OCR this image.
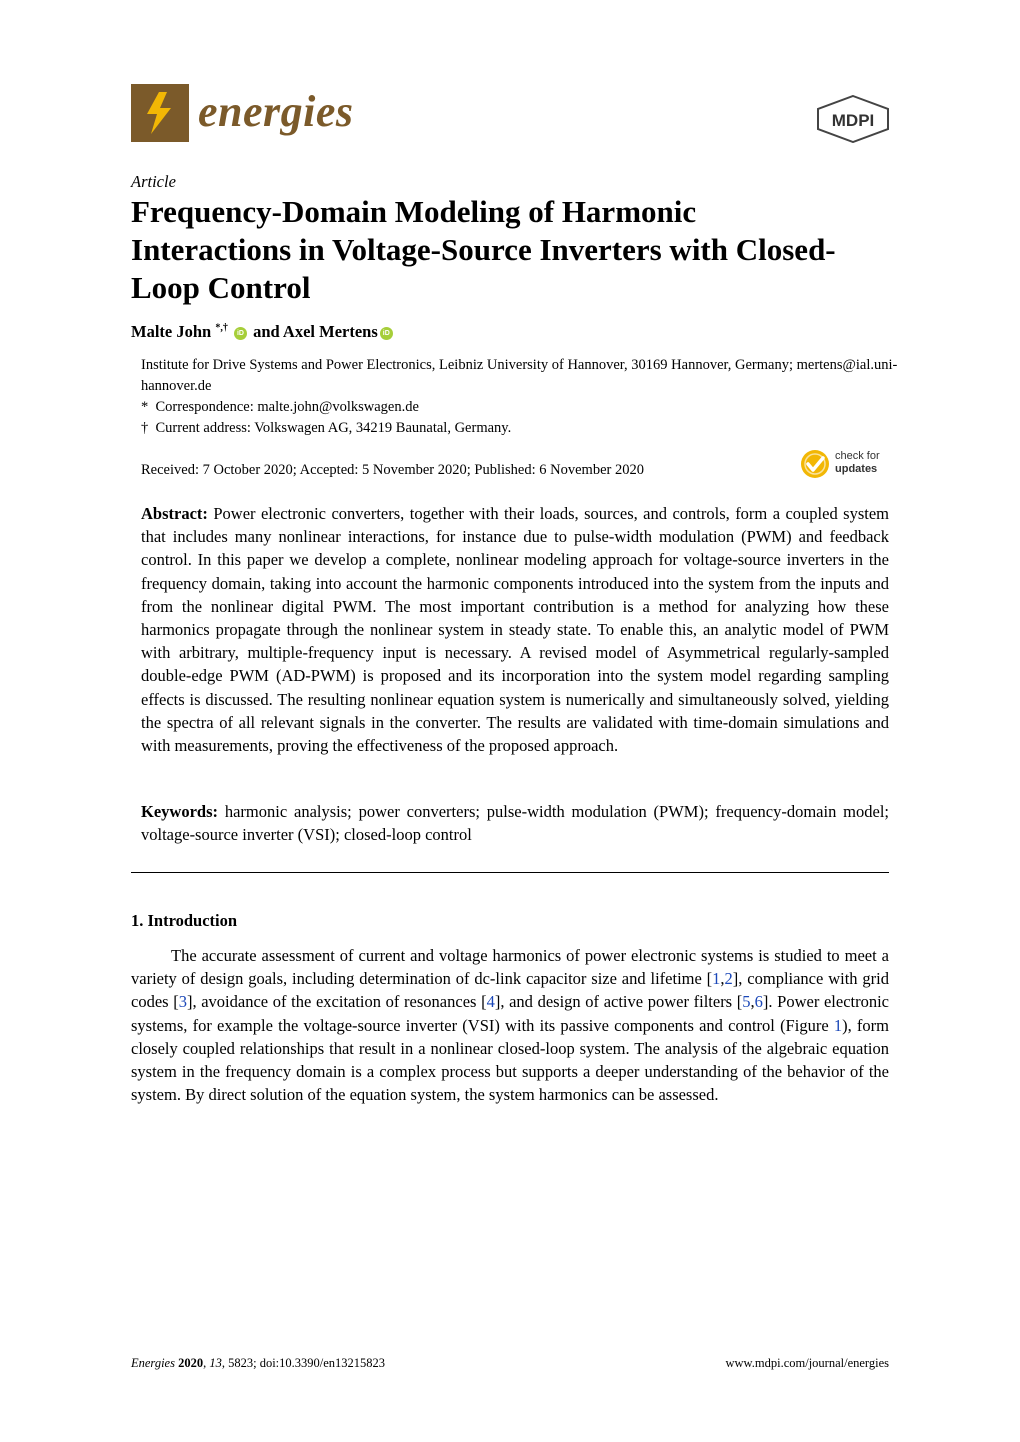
energies	MDPI
Article
Frequency-Domain Modeling of Harmonic Interactions in Voltage-Source Inverters with Closed-Loop Control
Malte John *,† iD and Axel Mertens iD
Institute for Drive Systems and Power Electronics, Leibniz University of Hannover, 30169 Hannover, Germany; mertens@ial.uni-hannover.de
* Correspondence: malte.john@volkswagen.de
† Current address: Volkswagen AG, 34219 Baunatal, Germany.
Received: 7 October 2020; Accepted: 5 November 2020; Published: 6 November 2020
check for
updates
Abstract: Power electronic converters, together with their loads, sources, and controls, form a coupled system that includes many nonlinear interactions, for instance due to pulse-width modulation (PWM) and feedback control. In this paper we develop a complete, nonlinear modeling approach for voltage-source inverters in the frequency domain, taking into account the harmonic components introduced into the system from the inputs and from the nonlinear digital PWM. The most important contribution is a method for analyzing how these harmonics propagate through the nonlinear system in steady state. To enable this, an analytic model of PWM with arbitrary, multiple-frequency input is necessary. A revised model of Asymmetrical regularly-sampled double-edge PWM (AD-PWM) is proposed and its incorporation into the system model regarding sampling effects is discussed. The resulting nonlinear equation system is numerically and simultaneously solved, yielding the spectra of all relevant signals in the converter. The results are validated with time-domain simulations and with measurements, proving the effectiveness of the proposed approach.
Keywords: harmonic analysis; power converters; pulse-width modulation (PWM); frequency-domain model; voltage-source inverter (VSI); closed-loop control
1. Introduction
The accurate assessment of current and voltage harmonics of power electronic systems is studied to meet a variety of design goals, including determination of dc-link capacitor size and lifetime [1,2], compliance with grid codes [3], avoidance of the excitation of resonances [4], and design of active power filters [5,6]. Power electronic systems, for example the voltage-source inverter (VSI) with its passive components and control (Figure 1), form closely coupled relationships that result in a nonlinear closed-loop system. The analysis of the algebraic equation system in the frequency domain is a complex process but supports a deeper understanding of the behavior of the system. By direct solution of the equation system, the system harmonics can be assessed.
Energies 2020, 13, 5823; doi:10.3390/en13215823	www.mdpi.com/journal/energies
